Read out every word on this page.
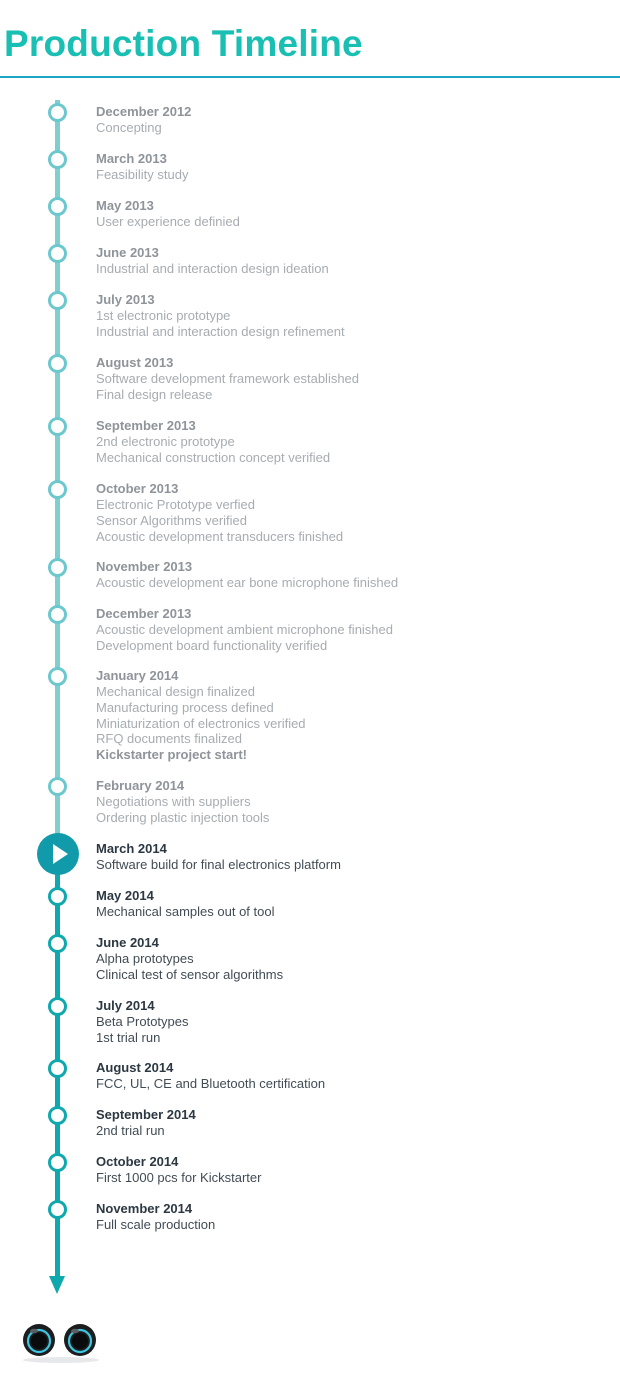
Production Timeline
December 2012
Concepting
March 2013
Feasibility study
May 2013
User experience definied
June 2013
Industrial and interaction design ideation
July 2013
1st electronic prototype
Industrial and interaction design refinement
August 2013
Software development framework established
Final design release
September 2013
2nd electronic prototype
Mechanical construction concept verified
October 2013
Electronic Prototype verfied
Sensor Algorithms verified
Acoustic development transducers finished
November 2013
Acoustic development ear bone microphone finished
December 2013
Acoustic development ambient microphone finished
Development board functionality verified
January 2014
Mechanical design finalized
Manufacturing process defined
Miniaturization of electronics verified
RFQ documents finalized
Kickstarter project start!
February 2014
Negotiations with suppliers
Ordering plastic injection tools
March 2014
Software build for final electronics platform
May 2014
Mechanical samples out of tool
June 2014
Alpha prototypes
Clinical test of sensor algorithms
July 2014
Beta Prototypes
1st trial run
August 2014
FCC, UL, CE and Bluetooth certification
September 2014
2nd trial run
October 2014
First 1000 pcs for Kickstarter
November 2014
Full scale production
